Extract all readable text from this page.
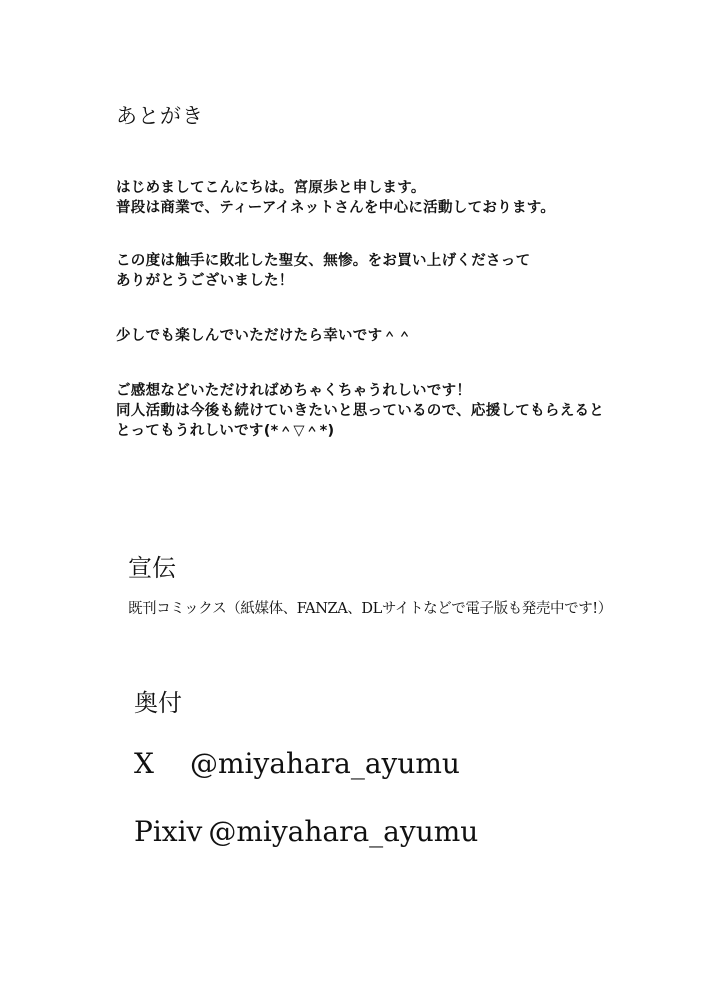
あとがき
はじめましてこんにちは。宮原歩と申します。
普段は商業で、ティーアイネットさんを中心に活動しております。
この度は触手に敗北した聖女、無惨。をお買い上げくださって
ありがとうございました！
少しでも楽しんでいただけたら幸いです＾＾
ご感想などいただければめちゃくちゃうれしいです！
同人活動は今後も続けていきたいと思っているので、応援してもらえると
とってもうれしいです(*＾▽＾*)
宣伝
既刊コミックス（紙媒体、FANZA、DLサイトなどで電子版も発売中です!）
奥付
X @miyahara_ayumu
Pixiv @miyahara_ayumu
